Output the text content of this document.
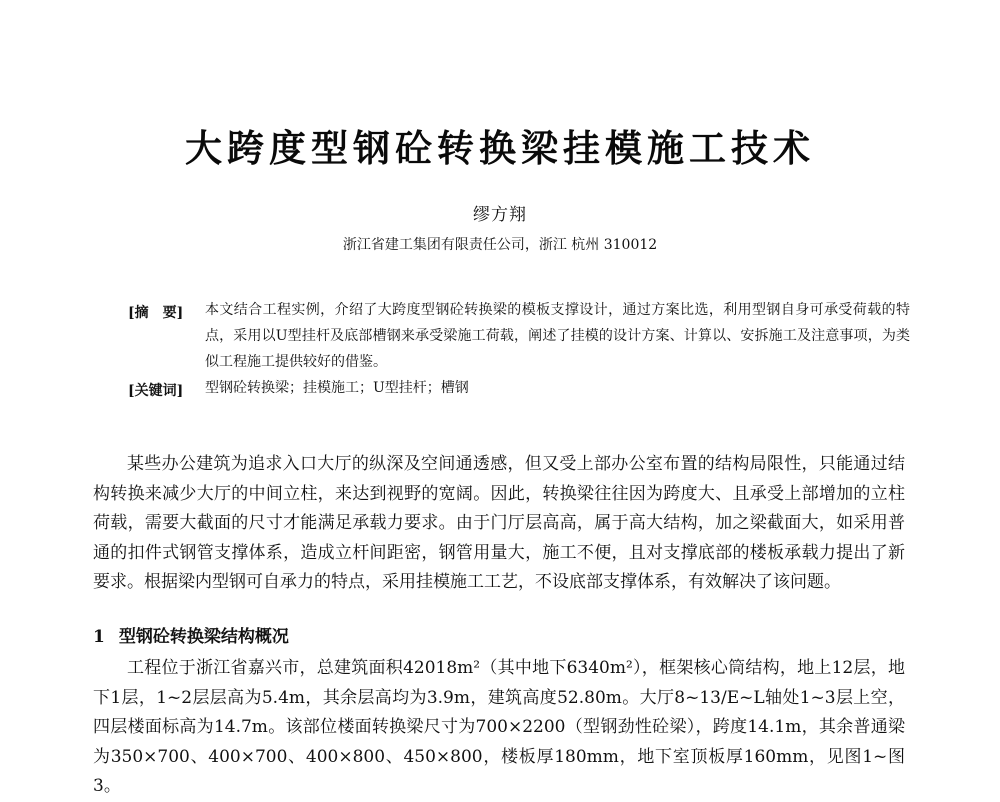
大跨度型钢砼转换梁挂模施工技术
缪方翔
浙江省建工集团有限责任公司，浙江 杭州 310012
[摘　要] 本文结合工程实例，介绍了大跨度型钢砼转换梁的模板支撑设计，通过方案比选，利用型钢自身可承受荷载的特点，采用以U型挂杆及底部槽钢来承受梁施工荷载，阐述了挂模的设计方案、计算以、安拆施工及注意事项，为类似工程施工提供较好的借鉴。
[关键词] 型钢砼转换梁；挂模施工；U型挂杆；槽钢

某些办公建筑为追求入口大厅的纵深及空间通透感，但又受上部办公室布置的结构局限性，只能通过结构转换来减少大厅的中间立柱，来达到视野的宽阔。因此，转换梁往往因为跨度大、且承受上部增加的立柱荷载，需要大截面的尺寸才能满足承载力要求。由于门厅层高高，属于高大结构，加之梁截面大，如采用普通的扣件式钢管支撑体系，造成立杆间距密，钢管用量大，施工不便，且对支撑底部的楼板承载力提出了新要求。根据梁内型钢可自承力的特点，采用挂模施工工艺，不设底部支撑体系，有效解决了该问题。

1 型钢砼转换梁结构概况

工程位于浙江省嘉兴市，总建筑面积42018m²（其中地下6340m²），框架核心筒结构，地上12层，地下1层，1~2层层高为5.4m，其余层高均为3.9m，建筑高度52.80m。大厅8~13/E~L轴处1~3层上空，四层楼面标高为14.7m。该部位楼面转换梁尺寸为700×2200（型钢劲性砼梁），跨度14.1m，其余普通梁为350×700、400×700、400×800、450×800，楼板厚180mm，地下室顶板厚160mm，见图1~图3。
